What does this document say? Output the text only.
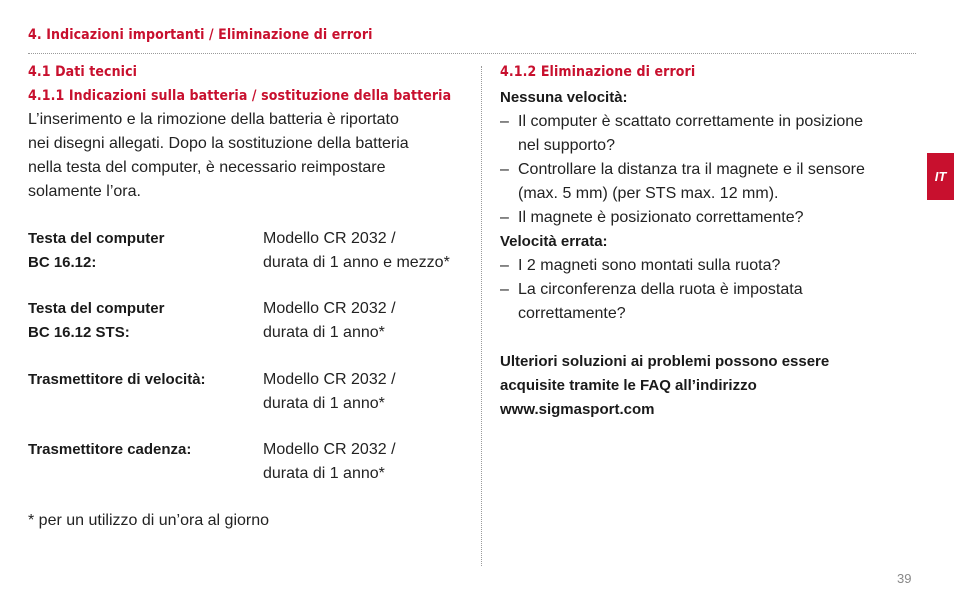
4. Indicazioni importanti / Eliminazione di errori
4.1 Dati tecnici
4.1.1 Indicazioni sulla batteria / sostituzione della batteria
L’inserimento e la rimozione della batteria è riportato
nei disegni allegati. Dopo la sostituzione della batteria
nella testa del computer, è necessario reimpostare
solamente l’ora.
Testa del computer
BC 16.12:
Modello CR 2032 /
durata di 1 anno e mezzo*
Testa del computer
BC 16.12 STS:
Modello CR 2032 /
durata di 1 anno*
Trasmettitore di velocità:	Modello CR 2032 /
durata di 1 anno*
Trasmettitore cadenza:	Modello CR 2032 /
durata di 1 anno*
* per un utilizzo di un’ora al giorno
4.1.2 Eliminazione di errori
Nessuna velocità:
– Il computer è scattato correttamente in posizione
nel supporto?
– Controllare la distanza tra il magnete e il sensore
(max. 5 mm) (per STS max. 12 mm).
– Il magnete è posizionato correttamente?
Velocità errata:
– I 2 magneti sono montati sulla ruota?
– La circonferenza della ruota è impostata
correttamente?
Ulteriori soluzioni ai problemi possono essere
acquisite tramite le FAQ all’indirizzo
www.sigmasport.com
IT
39
